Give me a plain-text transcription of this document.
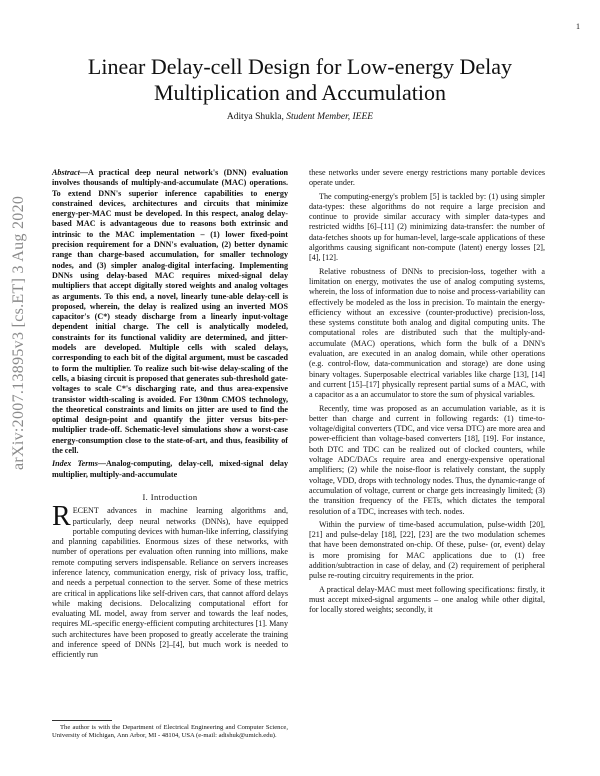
1
arXiv:2007.13895v3 [cs.ET] 3 Aug 2020
Linear Delay-cell Design for Low-energy Delay Multiplication and Accumulation
Aditya Shukla, Student Member, IEEE

Abstract—A practical deep neural network's (DNN) evaluation involves thousands of multiply-and-accumulate (MAC) operations. To extend DNN's superior inference capabilities to energy constrained devices, architectures and circuits that minimize energy-per-MAC must be developed. In this respect, analog delay-based MAC is advantageous due to reasons both extrinsic and intrinsic to the MAC implementation – (1) lower fixed-point precision requirement for a DNN's evaluation, (2) better dynamic range than charge-based accumulation, for smaller technology nodes, and (3) simpler analog-digital interfacing. Implementing DNNs using delay-based MAC requires mixed-signal delay multipliers that accept digitally stored weights and analog voltages as arguments. To this end, a novel, linearly tune-able delay-cell is proposed, wherein, the delay is realized using an inverted MOS capacitor's (C*) steady discharge from a linearly input-voltage dependent initial charge. The cell is analytically modeled, constraints for its functional validity are determined, and jitter-models are developed. Multiple cells with scaled delays, corresponding to each bit of the digital argument, must be cascaded to form the multiplier. To realize such bit-wise delay-scaling of the cells, a biasing circuit is proposed that generates sub-threshold gate-voltages to scale C*'s discharging rate, and thus area-expensive transistor width-scaling is avoided. For 130nm CMOS technology, the theoretical constraints and limits on jitter are used to find the optimal design-point and quantify the jitter versus bits-per-multiplier trade-off. Schematic-level simulations show a worst-case energy-consumption close to the state-of-art, and thus, feasibility of the cell.

Index Terms—Analog-computing, delay-cell, mixed-signal delay multiplier, multiply-and-accumulate

I. Introduction

RECENT advances in machine learning algorithms and, particularly, deep neural networks (DNNs), have equipped portable computing devices with human-like inferring, classifying and planning capabilities. Enormous sizes of these networks, with number of operations per evaluation often running into millions, make remote computing servers indispensable. Reliance on servers increases inference latency, communication energy, risk of privacy loss, traffic, and needs a perpetual connection to the server. Some of these metrics are critical in applications like self-driven cars, that cannot afford delays while making decisions. Delocalizing computational effort for evaluating ML model, away from server and towards the leaf nodes, requires ML-specific energy-efficient computing architectures [1]. Many such architectures have been proposed to greatly accelerate the training and inference speed of DNNs [2]–[4], but much work is needed to efficiently run

The author is with the Department of Electrical Engineering and Computer Science, University of Michigan, Ann Arbor, MI - 48104, USA (e-mail: adishuk@umich.edu).

these networks under severe energy restrictions many portable devices operate under.

The computing-energy's problem [5] is tackled by: (1) using simpler data-types: these algorithms do not require a large precision and continue to provide similar accuracy with simpler data-types and restricted widths [6]–[11] (2) minimizing data-transfer: the number of data-fetches shoots up for human-level, large-scale applications of these algorithms causing significant non-compute (latent) energy losses [2], [4], [12].

Relative robustness of DNNs to precision-loss, together with a limitation on energy, motivates the use of analog computing systems, wherein, the loss of information due to noise and process-variability can effectively be modeled as the loss in precision. To maintain the energy-efficiency without an excessive (counter-productive) precision-loss, these systems constitute both analog and digital computing units. The computational roles are distributed such that the multiply-and-accumulate (MAC) operations, which form the bulk of a DNN's evaluation, are executed in an analog domain, while other operations (e.g. control-flow, data-communication and storage) are done using binary voltages. Superposable electrical variables like charge [13], [14] and current [15]–[17] physically represent partial sums of a MAC, with a capacitor as a an accumulator to store the sum of physical variables.

Recently, time was proposed as an accumulation variable, as it is better than charge and current in following regards: (1) time-to-voltage/digital converters (TDC, and vice versa DTC) are more area and power-efficient than voltage-based converters [18], [19]. For instance, both DTC and TDC can be realized out of clocked counters, while voltage ADC/DACs require area and energy-expensive operational amplifiers; (2) while the noise-floor is relatively constant, the supply voltage, VDD, drops with technology nodes. Thus, the dynamic-range of accumulation of voltage, current or charge gets increasingly limited; (3) the transition frequency of the FETs, which dictates the temporal resolution of a TDC, increases with tech. nodes.

Within the purview of time-based accumulation, pulse-width [20], [21] and pulse-delay [18], [22], [23] are the two modulation schemes that have been demonstrated on-chip. Of these, pulse- (or, event) delay is more promising for MAC applications due to (1) free addition/subtraction in case of delay, and (2) requirement of peripheral pulse re-routing circuitry requirements in the prior.

A practical delay-MAC must meet following specifications: firstly, it must accept mixed-signal arguments – one analog while other digital, for locally stored weights; secondly, it
